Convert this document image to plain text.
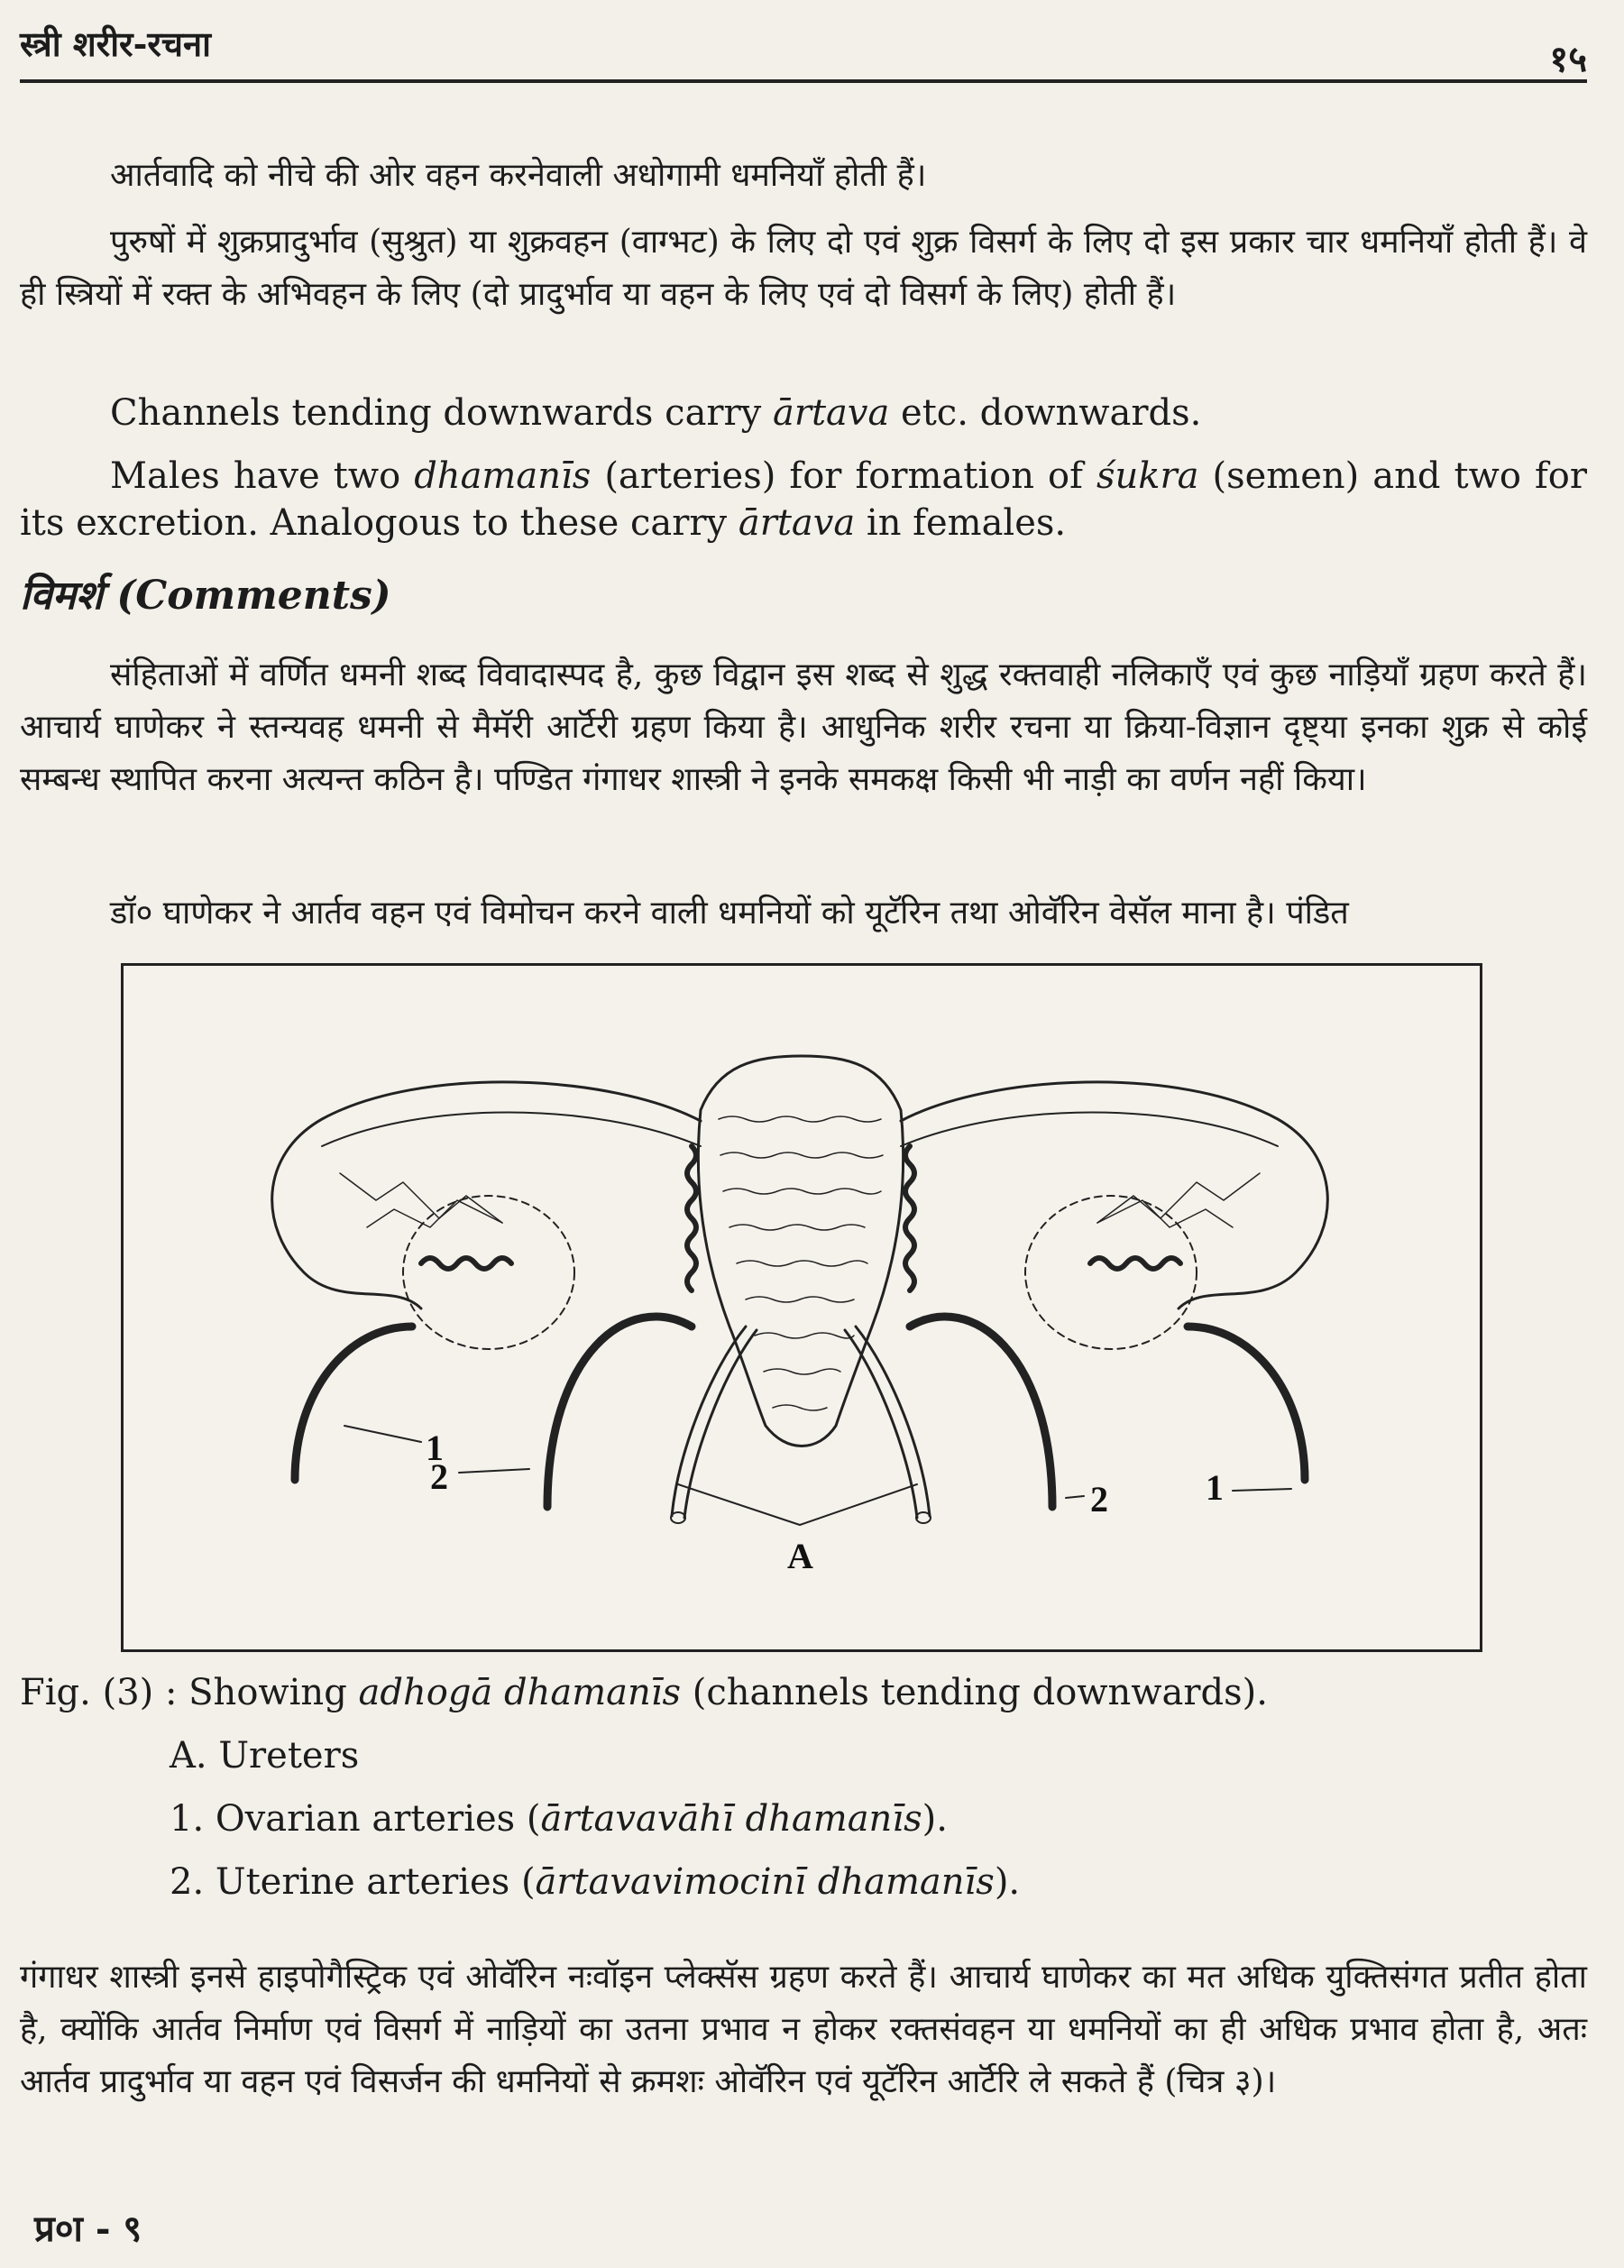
स्त्री शरीर-रचना	१५
आर्तवादि को नीचे की ओर वहन करनेवाली अधोगामी धमनियाँ होती हैं।
पुरुषों में शुक्रप्रादुर्भाव (सुश्रुत) या शुक्रवहन (वाग्भट) के लिए दो एवं शुक्र विसर्ग के लिए दो इस प्रकार चार धमनियाँ होती हैं। वे ही स्त्रियों में रक्त के अभिवहन के लिए (दो प्रादुर्भाव या वहन के लिए एवं दो विसर्ग के लिए) होती हैं।
Channels tending downwards carry ārtava etc. downwards.
Males have two dhamanīs (arteries) for formation of śukra (semen) and two for its excretion. Analogous to these carry ārtava in females.
विमर्श (Comments)
संहिताओं में वर्णित धमनी शब्द विवादास्पद है, कुछ विद्वान इस शब्द से शुद्ध रक्तवाही नलिकाएँ एवं कुछ नाड़ियाँ ग्रहण करते हैं। आचार्य घाणेकर ने स्तन्यवह धमनी से मैमॅरी आर्टॅरी ग्रहण किया है। आधुनिक शरीर रचना या क्रिया-विज्ञान दृष्ट्या इनका शुक्र से कोई सम्बन्ध स्थापित करना अत्यन्त कठिन है। पण्डित गंगाधर शास्त्री ने इनके समकक्ष किसी भी नाड़ी का वर्णन नहीं किया।
डॉ० घाणेकर ने आर्तव वहन एवं विमोचन करने वाली धमनियों को यूटॅरिन तथा ओवॅरिन वेसॅल माना है। पंडित
1
2
2	1
A
Fig. (3) : Showing adhogā dhamanīs (channels tending downwards).
A. Ureters
1. Ovarian arteries (ārtavavāhī dhamanīs).
2. Uterine arteries (ārtavavimocinī dhamanīs).
गंगाधर शास्त्री इनसे हाइपोगैस्ट्रिक एवं ओवॅरिन नःवॉइन प्लेक्सॅस ग्रहण करते हैं। आचार्य घाणेकर का मत अधिक युक्तिसंगत प्रतीत होता है, क्योंकि आर्तव निर्माण एवं विसर्ग में नाड़ियों का उतना प्रभाव न होकर रक्तसंवहन या धमनियों का ही अधिक प्रभाव होता है, अतः आर्तव प्रादुर्भाव या वहन एवं विसर्जन की धमनियों से क्रमशः ओवॅरिन एवं यूटॅरिन आर्टॅरि ले सकते हैं (चित्र ३)।
प्र०ा - ९
